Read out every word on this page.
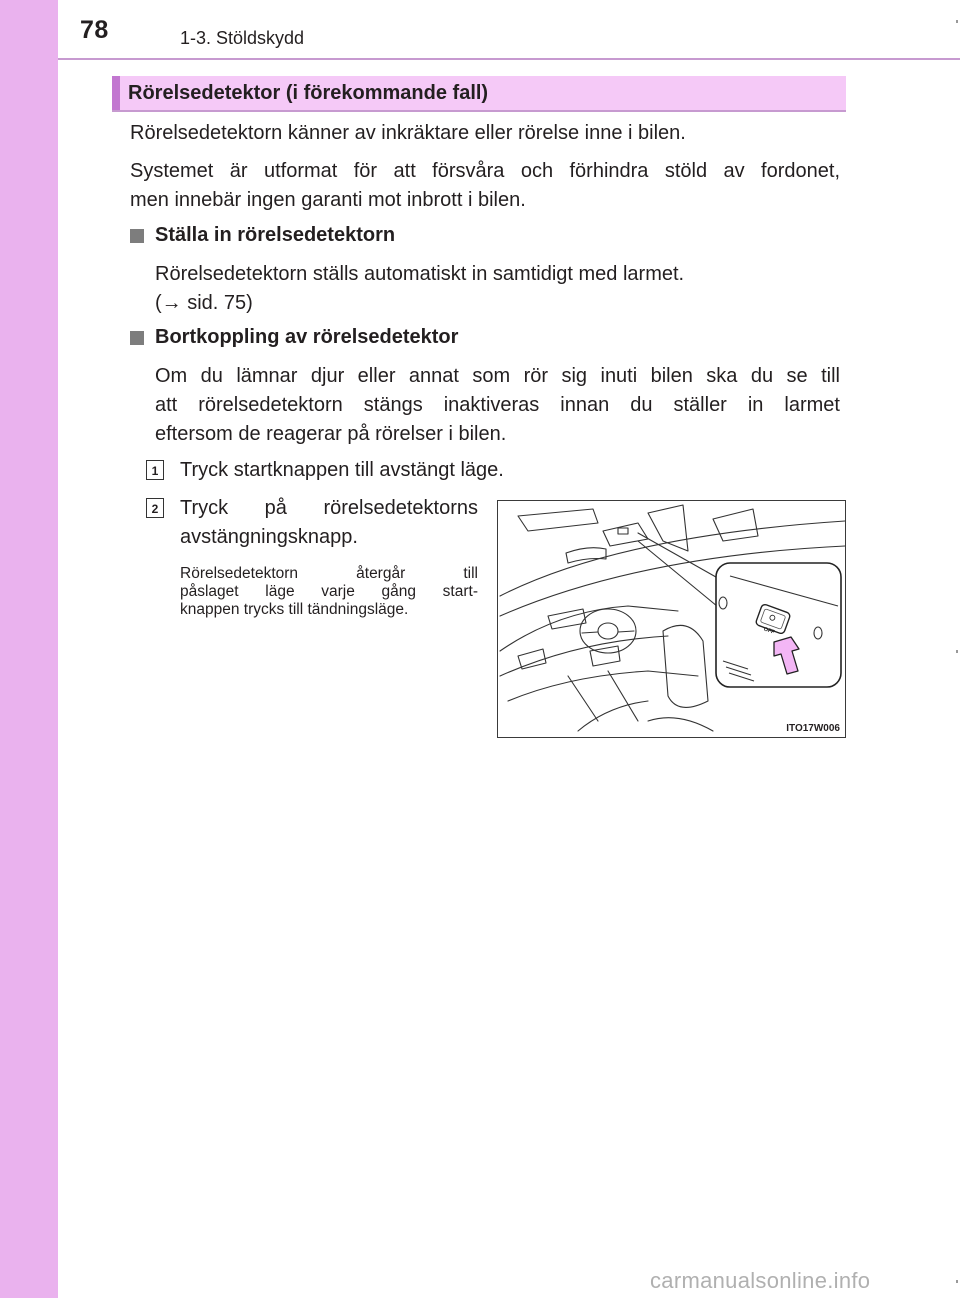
78	1-3. Stöldskydd
Rörelsedetektor (i förekommande fall)
Rörelsedetektorn känner av inkräktare eller rörelse inne i bilen.
Systemet är utformat för att försvåra och förhindra stöld av fordonet,
men innebär ingen garanti mot inbrott i bilen.
Ställa in rörelsedetektorn
Rörelsedetektorn ställs automatiskt in samtidigt med larmet.
(→ sid. 75)
Bortkoppling av rörelsedetektor
Om du lämnar djur eller annat som rör sig inuti bilen ska du se till
att rörelsedetektorn stängs inaktiveras innan du ställer in larmet
eftersom de reagerar på rörelser i bilen.
1 Tryck startknappen till avstängt läge.
2 Tryck på rörelsedetektorns
avstängningsknapp.
Rörelsedetektorn återgår till
påslaget läge varje gång start-
knappen trycks till tändningsläge.
OFF
ITO17W006
carmanualsonline.info
